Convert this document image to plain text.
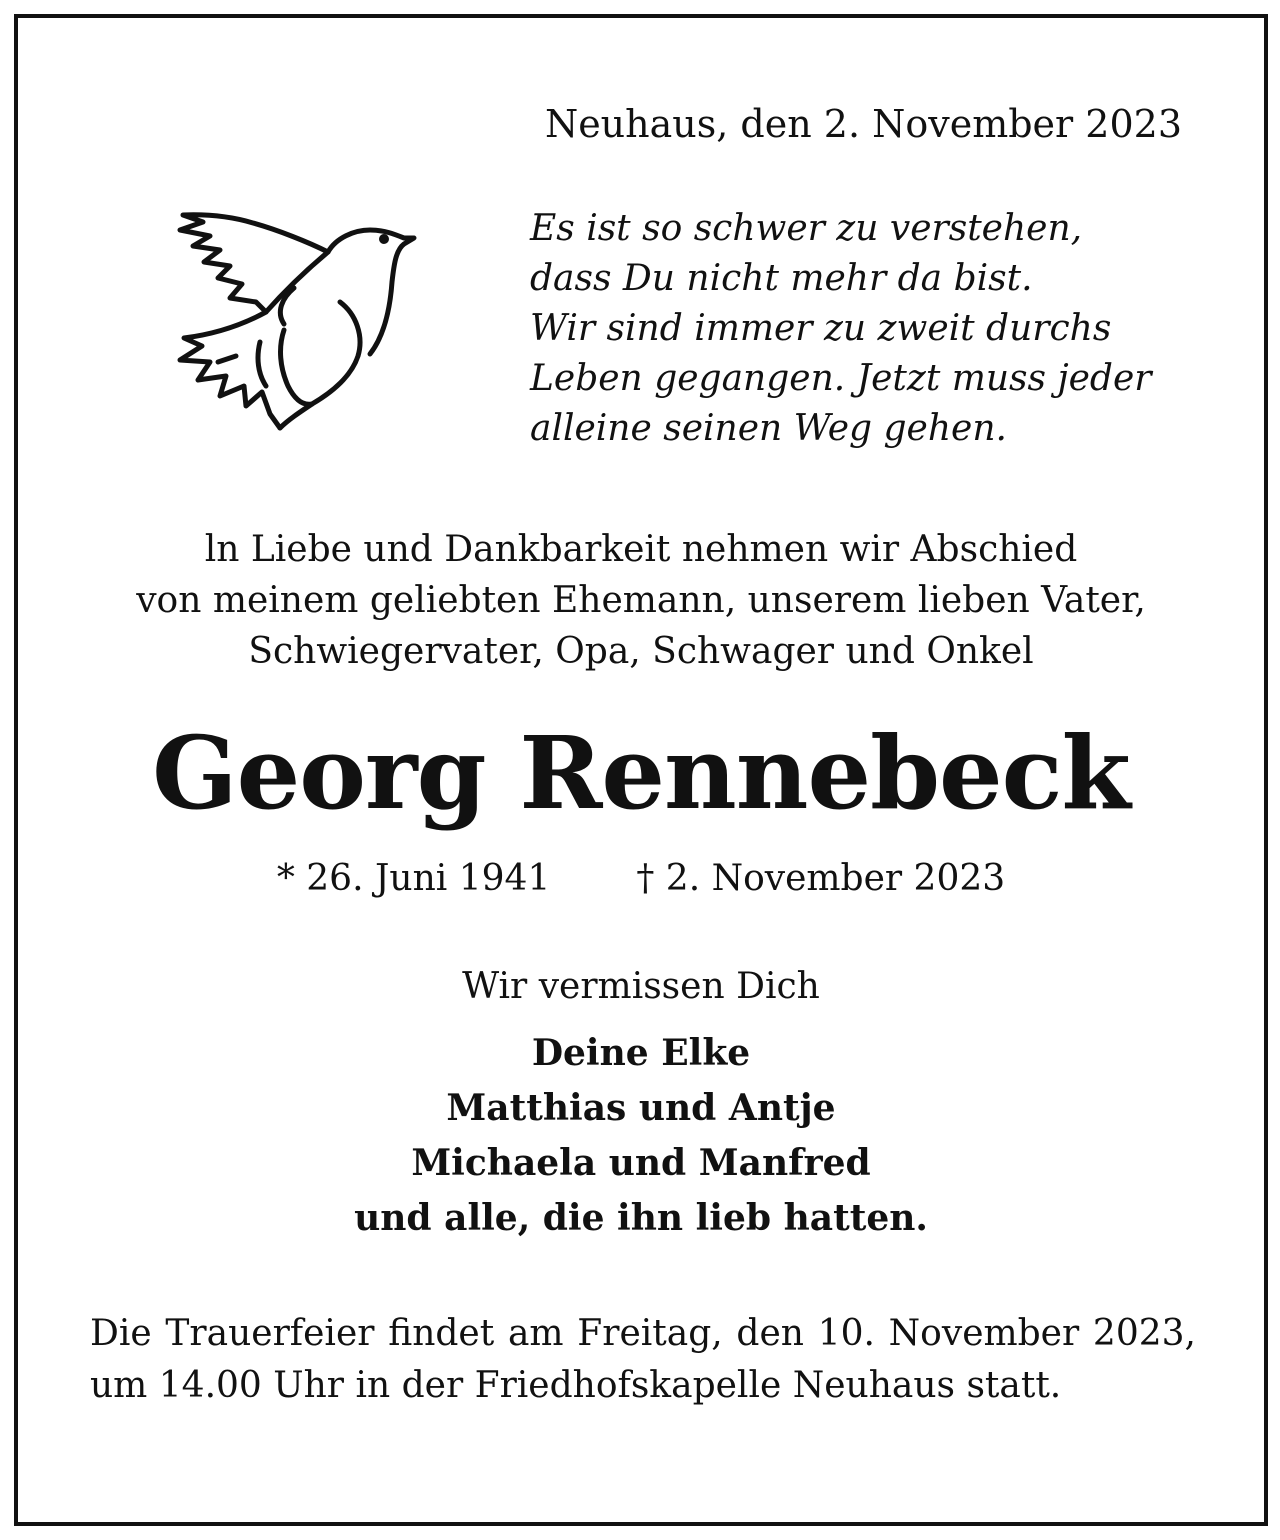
Neuhaus, den 2. November 2023

Es ist so schwer zu verstehen,
dass Du nicht mehr da bist.
Wir sind immer zu zweit durchs
Leben gegangen. Jetzt muss jeder
alleine seinen Weg gehen.

ln Liebe und Dankbarkeit nehmen wir Abschied
von meinem geliebten Ehemann, unserem lieben Vater,
Schwiegervater, Opa, Schwager und Onkel

Georg Rennebeck

* 26. Juni 1941 † 2. November 2023

Wir vermissen Dich

Deine Elke
Matthias und Antje
Michaela und Manfred
und alle, die ihn lieb hatten.

Die Trauerfeier findet am Freitag, den 10. November 2023, um 14.00 Uhr in der Friedhofskapelle Neuhaus statt.
